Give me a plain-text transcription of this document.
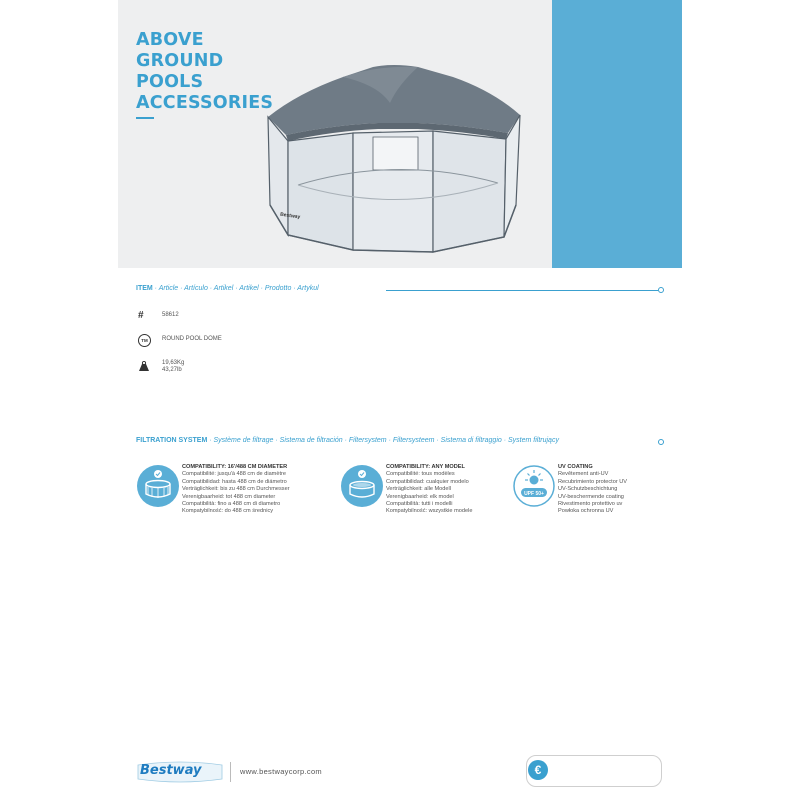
ABOVE
GROUND
POOLS
ACCESSORIES
Bestway
ITEM · Article · Artículo · Artikel · Artikel · Prodotto · Artykul
#	58612
TM	ROUND POOL DOME
19,63Kg
43,27lb
FILTRATION SYSTEM · Système de filtrage · Sistema de filtración · Filtersystem · Filtersysteem · Sistema di filtraggio · System filtrujący
COMPATIBILITY: 16'/488 CM DIAMETER
Compatibilité: jusqu'à 488 cm de diamètre
Compatibilidad: hasta 488 cm de diámetro
Verträglichkeit: bis zu 488 cm Durchmesser
Verenigbaarheid: tot 488 cm diameter
Compatibilità: fino a 488 cm di diametro
Kompatybilność: do 488 cm średnicy
COMPATIBILITY: ANY MODEL
Compatibilité: tous modèles
Compatibilidad: cualquier modelo
Verträglichkeit: alle Modell
Verenigbaarheid: elk model
Compatibilità: tutti i modelli
Kompatybilność: wszystkie modele
UPF 50+
UV COATING
Revêtement anti-UV
Recubrimiento protector UV
UV-Schutzbeschichtung
UV-beschermende coating
Rivestimento protettivo uv
Powłoka ochronna UV
Bestway	www.bestwaycorp.com	€
